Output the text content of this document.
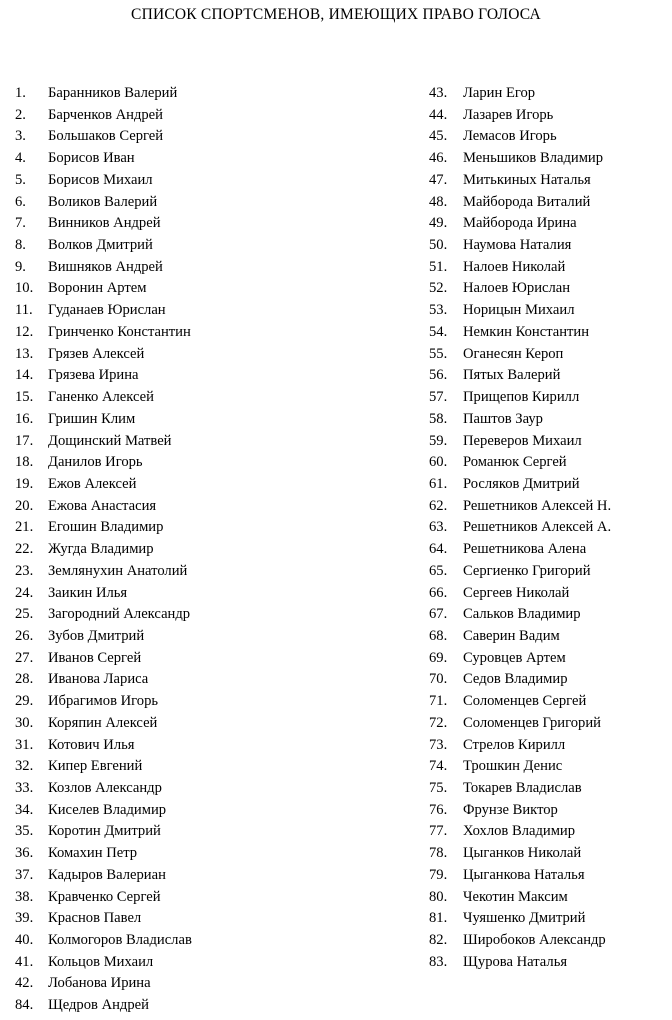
СПИСОК СПОРТСМЕНОВ, ИМЕЮЩИХ ПРАВО ГОЛОСА
1. Баранников Валерий
2. Барченков Андрей
3. Большаков Сергей
4. Борисов Иван
5. Борисов Михаил
6. Воликов Валерий
7. Винников Андрей
8. Волков Дмитрий
9. Вишняков Андрей
10. Воронин Артем
11. Гуданаев Юрислан
12. Гринченко Константин
13. Грязев Алексей
14. Грязева Ирина
15. Ганенко Алексей
16. Гришин Клим
17. Дощинский Матвей
18. Данилов Игорь
19. Ежов Алексей
20. Ежова Анастасия
21. Егошин Владимир
22. Жугда Владимир
23. Землянухин Анатолий
24. Заикин Илья
25. Загородний Александр
26. Зубов Дмитрий
27. Иванов Сергей
28. Иванова Лариса
29. Ибрагимов Игорь
30. Коряпин Алексей
31. Котович Илья
32. Кипер Евгений
33. Козлов Александр
34. Киселев Владимир
35. Коротин Дмитрий
36. Комахин Петр
37. Кадыров Валериан
38. Кравченко Сергей
39. Краснов Павел
40. Колмогоров Владислав
41. Кольцов Михаил
42. Лобанова Ирина
84. Щедров Андрей
43. Ларин Егор
44. Лазарев Игорь
45. Лемасов Игорь
46. Меньшиков Владимир
47. Митькиных Наталья
48. Майборода Виталий
49. Майборода Ирина
50. Наумова Наталия
51. Налоев Николай
52. Налоев Юрислан
53. Норицын Михаил
54. Немкин Константин
55. Оганесян Кероп
56. Пятых Валерий
57. Прищепов Кирилл
58. Паштов Заур
59. Переверов Михаил
60. Романюк Сергей
61. Росляков Дмитрий
62. Решетников Алексей Н.
63. Решетников Алексей А.
64. Решетникова Алена
65. Сергиенко Григорий
66. Сергеев Николай
67. Сальков Владимир
68. Саверин Вадим
69. Суровцев Артем
70. Седов Владимир
71. Соломенцев Сергей
72. Соломенцев Григорий
73. Стрелов Кирилл
74. Трошкин Денис
75. Токарев Владислав
76. Фрунзе Виктор
77. Хохлов Владимир
78. Цыганков Николай
79. Цыганкова Наталья
80. Чекотин Максим
81. Чуяшенко Дмитрий
82. Широбоков Александр
83. Щурова Наталья
